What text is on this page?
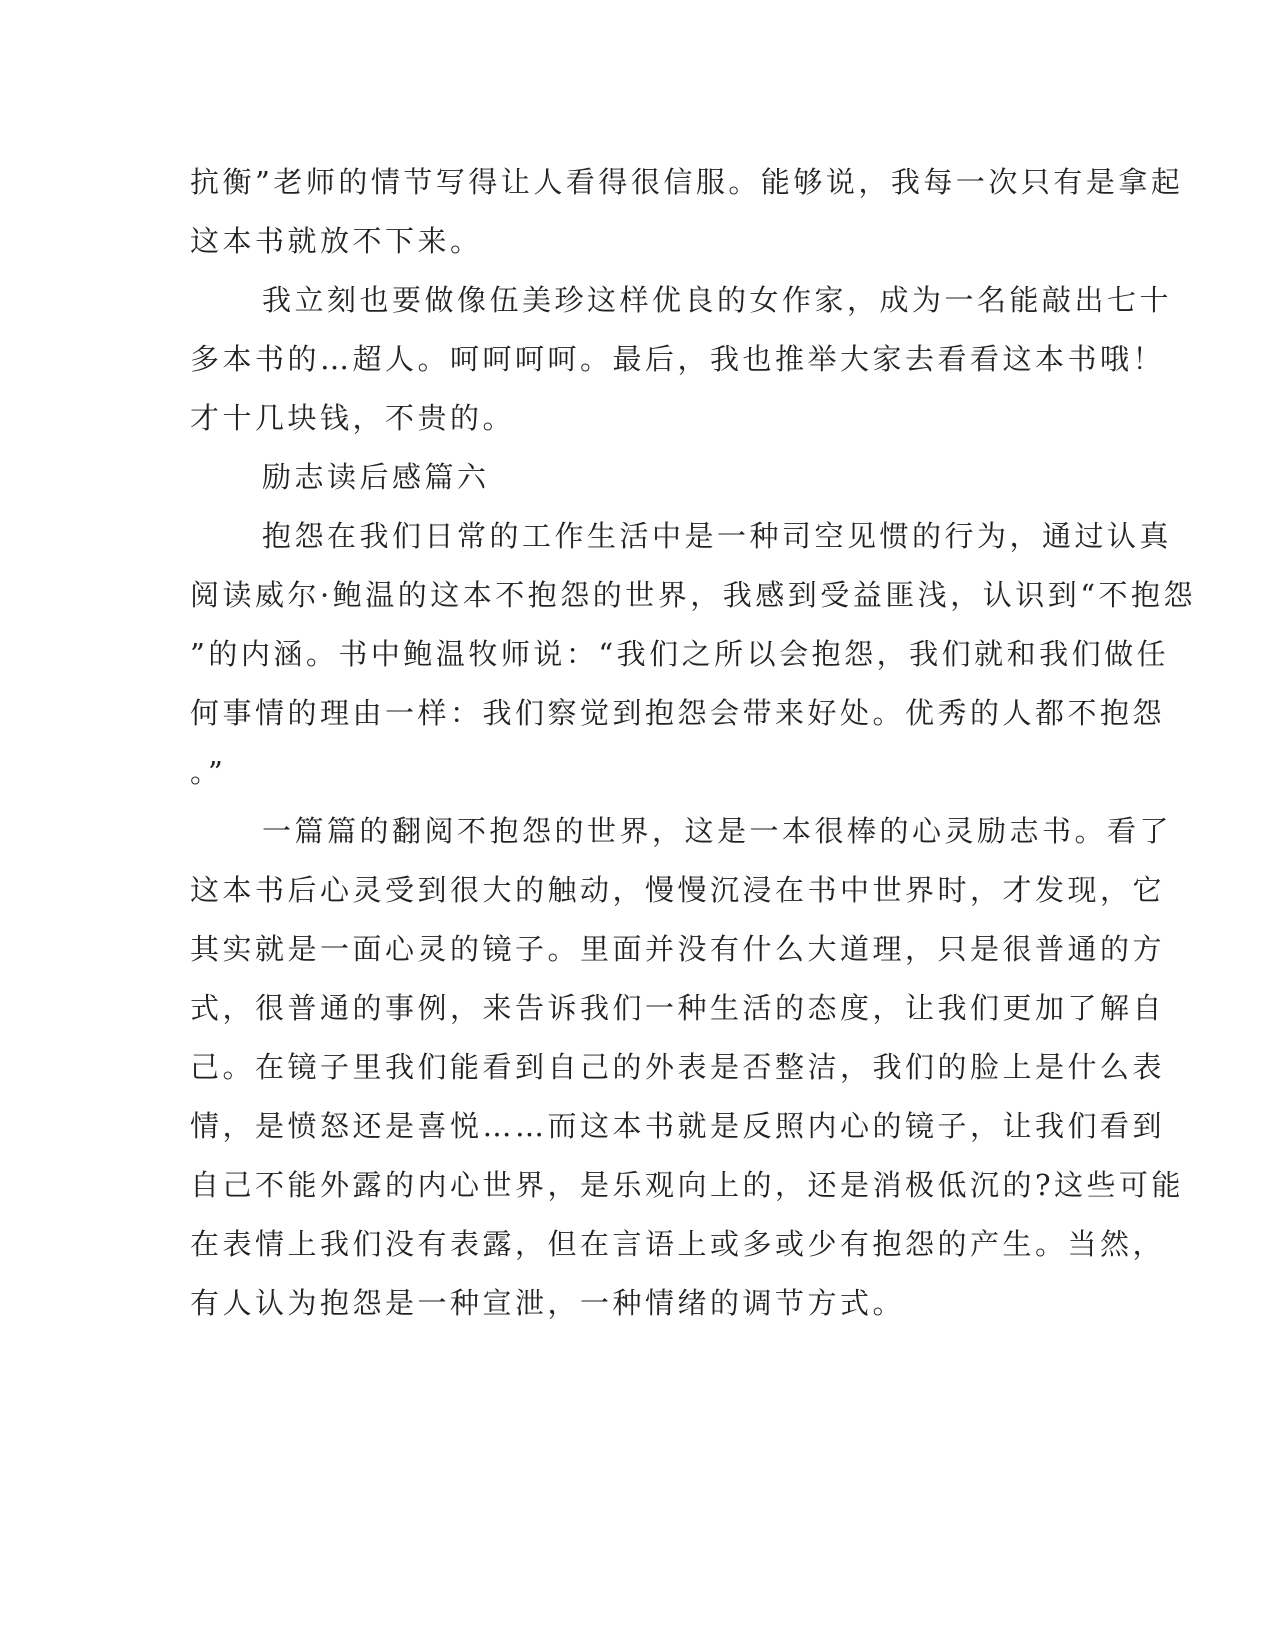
抗衡”老师的情节写得让人看得很信服。能够说，我每一次只有是拿起
这本书就放不下来。
我立刻也要做像伍美珍这样优良的女作家，成为一名能敲出七十
多本书的…超人。呵呵呵呵。最后，我也推举大家去看看这本书哦！
才十几块钱，不贵的。
励志读后感篇六
抱怨在我们日常的工作生活中是一种司空见惯的行为，通过认真
阅读威尔·鲍温的这本不抱怨的世界，我感到受益匪浅，认识到“不抱怨
”的内涵。书中鲍温牧师说：“我们之所以会抱怨，我们就和我们做任
何事情的理由一样：我们察觉到抱怨会带来好处。优秀的人都不抱怨
。”
一篇篇的翻阅不抱怨的世界，这是一本很棒的心灵励志书。看了
这本书后心灵受到很大的触动，慢慢沉浸在书中世界时，才发现，它
其实就是一面心灵的镜子。里面并没有什么大道理，只是很普通的方
式，很普通的事例，来告诉我们一种生活的态度，让我们更加了解自
己。在镜子里我们能看到自己的外表是否整洁，我们的脸上是什么表
情，是愤怒还是喜悦……而这本书就是反照内心的镜子，让我们看到
自己不能外露的内心世界，是乐观向上的，还是消极低沉的?这些可能
在表情上我们没有表露，但在言语上或多或少有抱怨的产生。当然，
有人认为抱怨是一种宣泄，一种情绪的调节方式。
